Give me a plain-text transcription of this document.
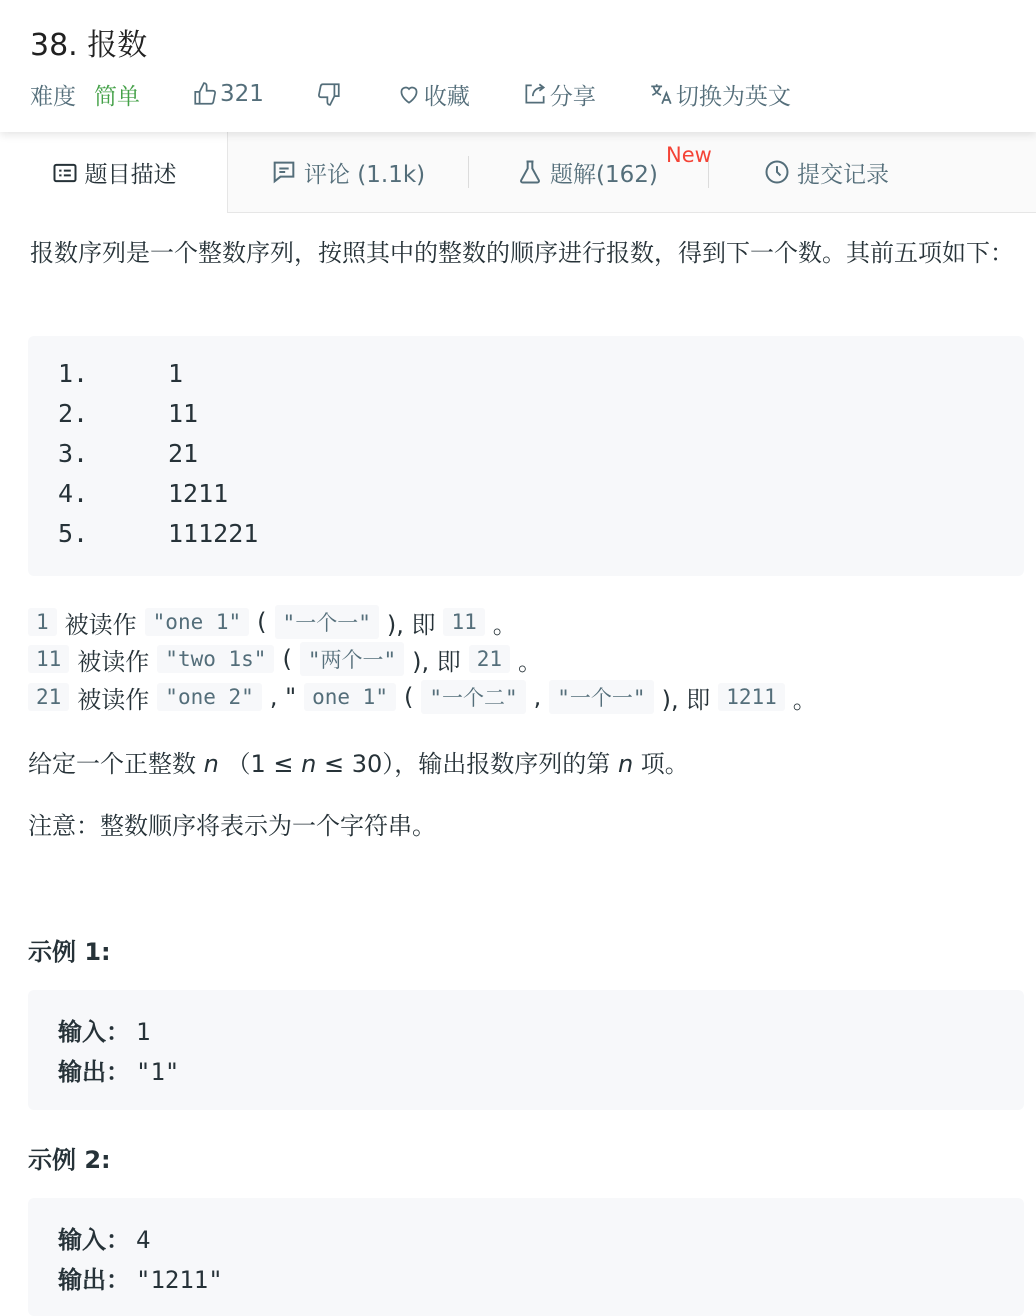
38. 报数
难度 简单	321	收藏	分享	切换为英文
题目描述	评论 (1.1k)	题解(162)	提交记录
New

报数序列是一个整数序列，按照其中的整数的顺序进行报数，得到下一个数。其前五项如下：

1.	1
2.	11
3.	21
4.	1211
5.	111221
1 被读作 "one 1" ( "一个一" ), 即 11 。
11 被读作 "two 1s" ( "两个一" ), 即 21 。
21 被读作 "one 2" , " one 1" ( "一个二" , "一个一" ), 即 1211 。
给定一个正整数 n （1 ≤ n ≤ 30），输出报数序列的第 n 项。
注意：整数顺序将表示为一个字符串。
示例 1:
输入： 1
输出： "1"
示例 2:
输入： 4
输出： "1211"
